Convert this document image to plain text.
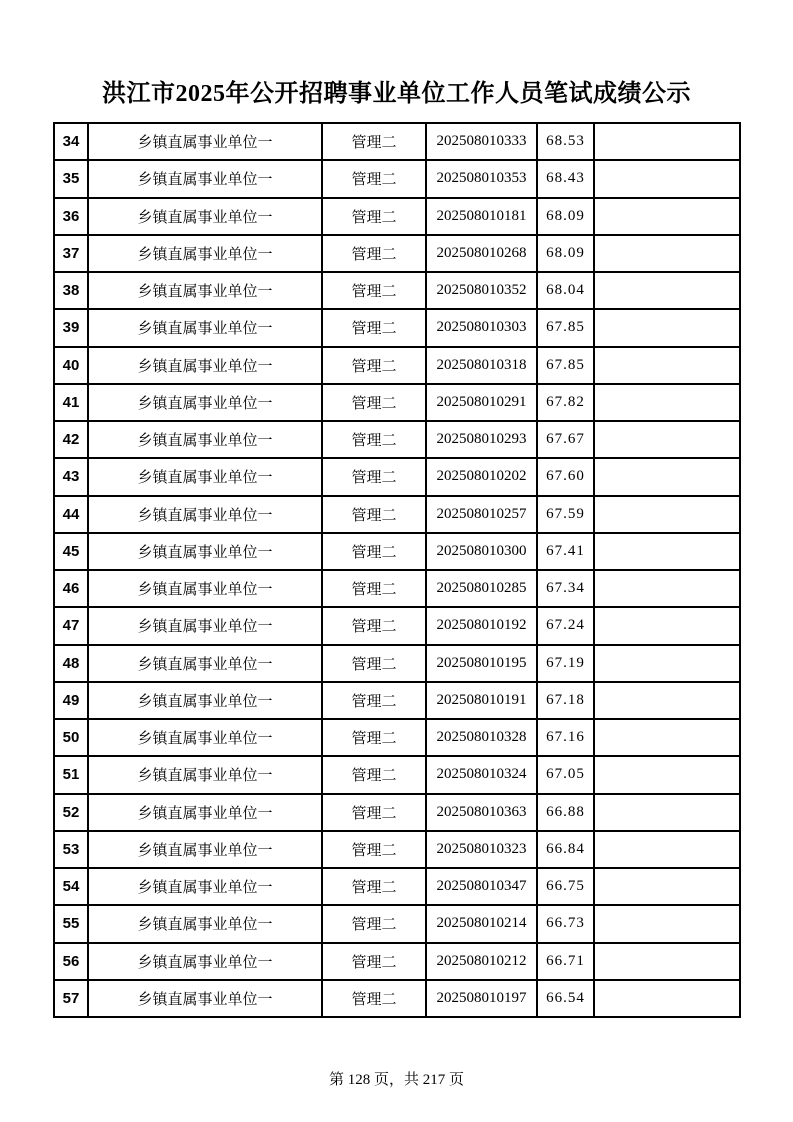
洪江市2025年公开招聘事业单位工作人员笔试成绩公示
34	乡镇直属事业单位一	管理二	202508010333	68.53	
35	乡镇直属事业单位一	管理二	202508010353	68.43	
36	乡镇直属事业单位一	管理二	202508010181	68.09	
37	乡镇直属事业单位一	管理二	202508010268	68.09	
38	乡镇直属事业单位一	管理二	202508010352	68.04	
39	乡镇直属事业单位一	管理二	202508010303	67.85	
40	乡镇直属事业单位一	管理二	202508010318	67.85	
41	乡镇直属事业单位一	管理二	202508010291	67.82	
42	乡镇直属事业单位一	管理二	202508010293	67.67	
43	乡镇直属事业单位一	管理二	202508010202	67.60	
44	乡镇直属事业单位一	管理二	202508010257	67.59	
45	乡镇直属事业单位一	管理二	202508010300	67.41	
46	乡镇直属事业单位一	管理二	202508010285	67.34	
47	乡镇直属事业单位一	管理二	202508010192	67.24	
48	乡镇直属事业单位一	管理二	202508010195	67.19	
49	乡镇直属事业单位一	管理二	202508010191	67.18	
50	乡镇直属事业单位一	管理二	202508010328	67.16	
51	乡镇直属事业单位一	管理二	202508010324	67.05	
52	乡镇直属事业单位一	管理二	202508010363	66.88	
53	乡镇直属事业单位一	管理二	202508010323	66.84	
54	乡镇直属事业单位一	管理二	202508010347	66.75	
55	乡镇直属事业单位一	管理二	202508010214	66.73	
56	乡镇直属事业单位一	管理二	202508010212	66.71	
57	乡镇直属事业单位一	管理二	202508010197	66.54	
第 128 页，共 217 页
